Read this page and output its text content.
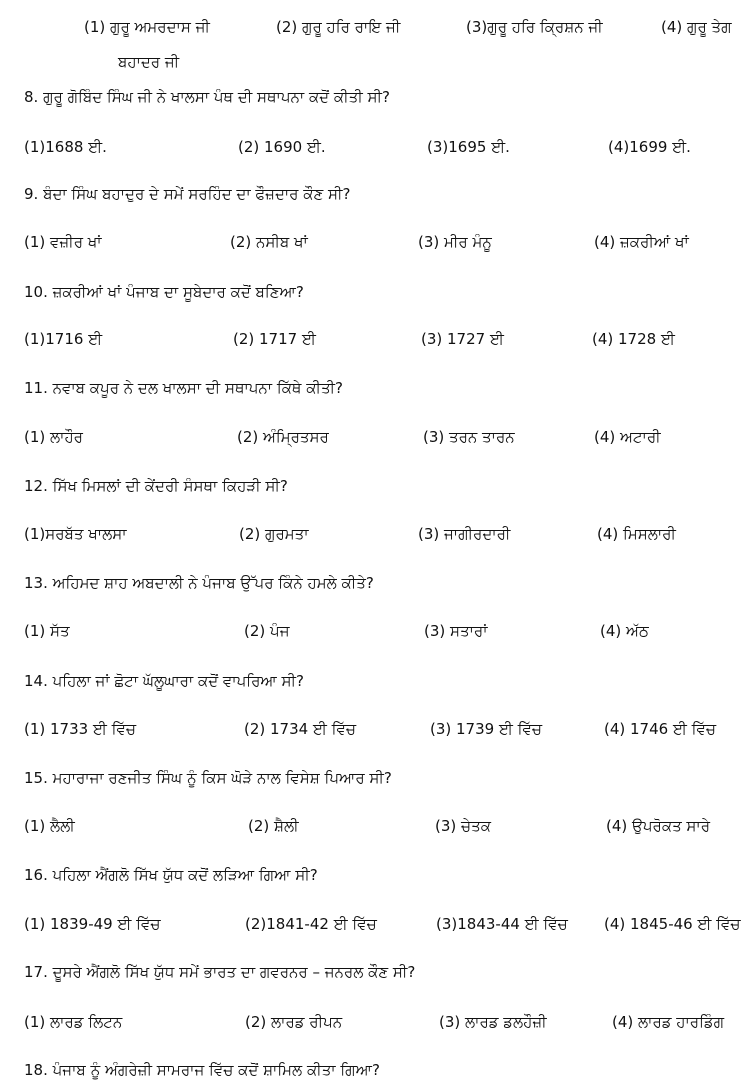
(1) ਗੁਰੂ ਅਮਰਦਾਸ ਜੀ	(2) ਗੁਰੂ ਹਰਿ ਰਾਇ ਜੀ	(3)ਗੁਰੂ ਹਰਿ ਕ੍ਰਿਸ਼ਨ ਜੀ	(4) ਗੁਰੂ ਤੇਗ
ਬਹਾਦਰ ਜੀ
8. ਗੁਰੂ ਗੋਬਿੰਦ ਸਿੰਘ ਜੀ ਨੇ ਖਾਲਸਾ ਪੰਥ ਦੀ ਸਥਾਪਨਾ ਕਦੋਂ ਕੀਤੀ ਸੀ?
(1)1688 ਈ.	(2) 1690 ਈ.	(3)1695 ਈ.	(4)1699 ਈ.
9. ਬੰਦਾ ਸਿੰਘ ਬਹਾਦੁਰ ਦੇ ਸਮੇਂ ਸਰਹਿੰਦ ਦਾ ਫੌਜ਼ਦਾਰ ਕੌਣ ਸੀ?
(1) ਵਜ਼ੀਰ ਖਾਂ	(2) ਨਸੀਬ ਖਾਂ	(3) ਮੀਰ ਮੰਨੂ	(4) ਜ਼ਕਰੀਆਂ ਖਾਂ
10. ਜ਼ਕਰੀਆਂ ਖਾਂ ਪੰਜਾਬ ਦਾ ਸੂਬੇਦਾਰ ਕਦੋਂ ਬਣਿਆ?
(1)1716 ਈ	(2) 1717 ਈ	(3) 1727 ਈ	(4) 1728 ਈ
11. ਨਵਾਬ ਕਪੂਰ ਨੇ ਦਲ ਖਾਲਸਾ ਦੀ ਸਥਾਪਨਾ ਕਿੱਥੇ ਕੀਤੀ?
(1) ਲਾਹੌਰ	(2) ਅੰਮ੍ਰਿਤਸਰ	(3) ਤਰਨ ਤਾਰਨ	(4) ਅਟਾਰੀ
12. ਸਿੱਖ ਮਿਸਲਾਂ ਦੀ ਕੇਂਦਰੀ ਸੰਸਥਾ ਕਿਹੜੀ ਸੀ?
(1)ਸਰਬੱਤ ਖਾਲਸਾ	(2) ਗੁਰਮਤਾ	(3) ਜਾਗੀਰਦਾਰੀ	(4) ਮਿਸਲਾਰੀ
13. ਅਹਿਮਦ ਸ਼ਾਹ ਅਬਦਾਲੀ ਨੇ ਪੰਜਾਬ ਉੱਪਰ ਕਿੰਨੇ ਹਮਲੇ ਕੀਤੇ?
(1) ਸੱਤ	(2) ਪੰਜ	(3) ਸਤਾਰਾਂ	(4) ਅੱਠ
14. ਪਹਿਲਾ ਜਾਂ ਛੋਟਾ ਘੱਲੂਘਾਰਾ ਕਦੋਂ ਵਾਪਰਿਆ ਸੀ?
(1) 1733 ਈ ਵਿੱਚ	(2) 1734 ਈ ਵਿੱਚ	(3) 1739 ਈ ਵਿੱਚ	(4) 1746 ਈ ਵਿੱਚ
15. ਮਹਾਰਾਜਾ ਰਣਜੀਤ ਸਿੰਘ ਨੂੰ ਕਿਸ ਘੋੜੇ ਨਾਲ ਵਿਸੇਸ਼ ਪਿਆਰ ਸੀ?
(1) ਲੈਲੀ	(2) ਸ਼ੈਲੀ	(3) ਚੇਤਕ	(4) ਉਪਰੋਕਤ ਸਾਰੇ
16. ਪਹਿਲਾ ਐਂਗਲੋ ਸਿੱਖ ਯੁੱਧ ਕਦੋਂ ਲੜਿਆ ਗਿਆ ਸੀ?
(1) 1839-49 ਈ ਵਿੱਚ	(2)1841-42 ਈ ਵਿੱਚ	(3)1843-44 ਈ ਵਿੱਚ (4) 1845-46 ਈ ਵਿੱਚ
17. ਦੂਸਰੇ ਐਂਗਲੋ ਸਿੱਖ ਯੁੱਧ ਸਮੇਂ ਭਾਰਤ ਦਾ ਗਵਰਨਰ – ਜਨਰਲ ਕੌਣ ਸੀ?
(1) ਲਾਰਡ ਲਿਟਨ	(2) ਲਾਰਡ ਰੀਪਨ	(3) ਲਾਰਡ ਡਲਹੌਜ਼ੀ	(4) ਲਾਰਡ ਹਾਰਡਿੰਗ
18. ਪੰਜਾਬ ਨੂੰ ਅੰਗਰੇਜ਼ੀ ਸਾਮਰਾਜ ਵਿੱਚ ਕਦੋਂ ਸ਼ਾਮਿਲ ਕੀਤਾ ਗਿਆ?
